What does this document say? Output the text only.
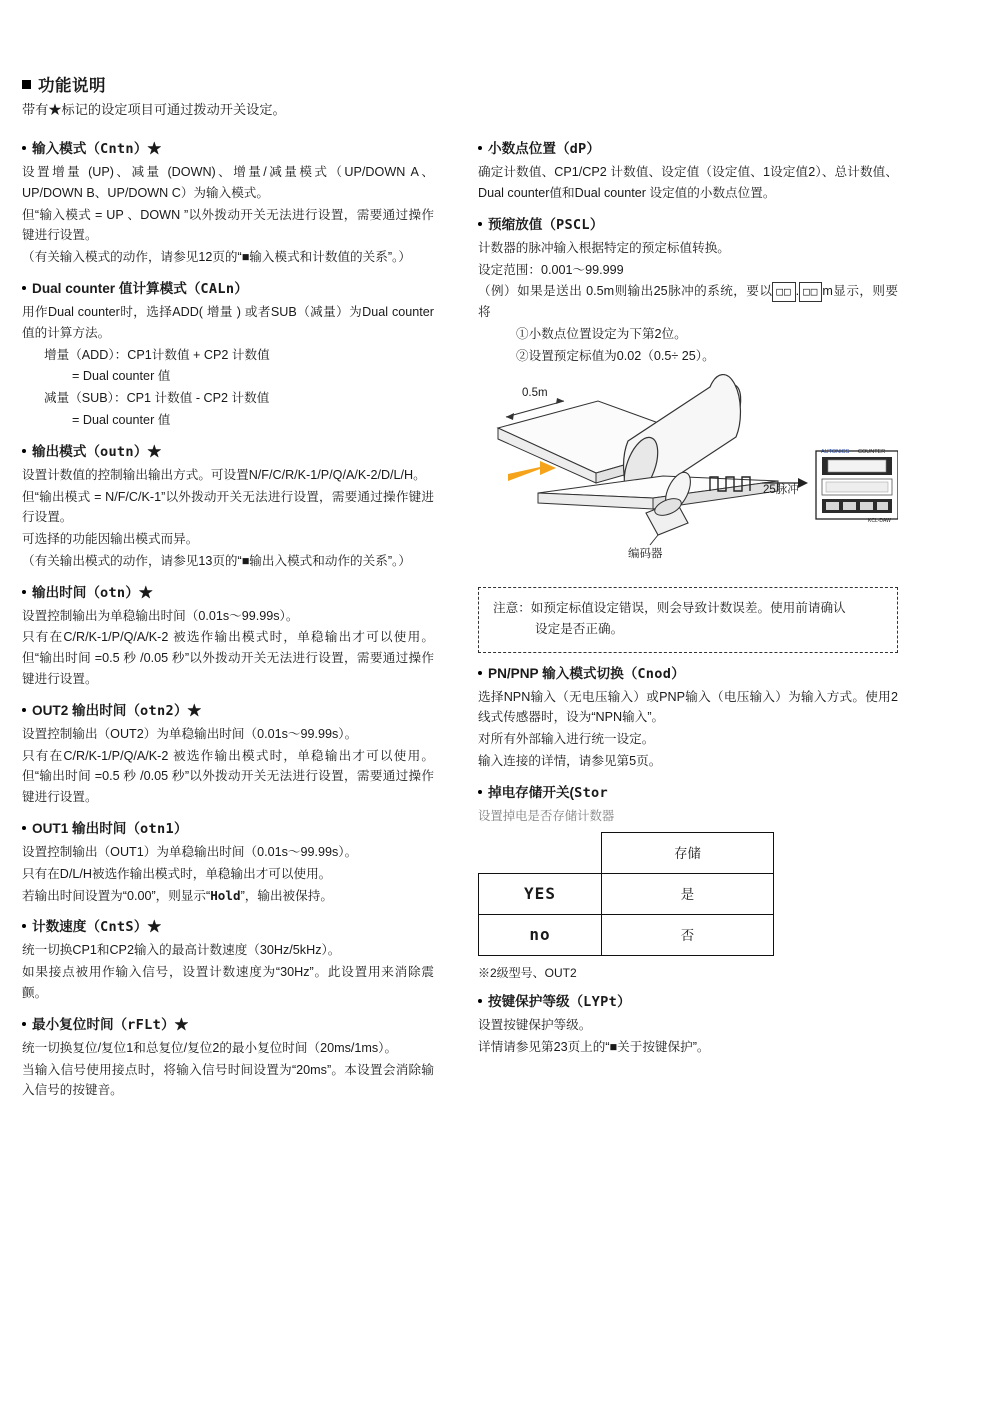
功能说明
带有★标记的设定项目可通过拨动开关设定。
输入模式（Cntn）★

设置增量 (UP)、减量 (DOWN)、增量/减量模式（UP/DOWN A、UP/DOWN B、UP/DOWN C）为输入模式。

但“输入模式 = UP 、DOWN ”以外拨动开关无法进行设置，需要通过操作键进行设置。

（有关输入模式的动作，请参见12页的“■输入模式和计数值的关系”。）

Dual counter 值计算模式（CALn）

用作Dual counter时，选择ADD( 增量 ) 或者SUB（减量）为Dual counter 值的计算方法。

增量（ADD）：CP1计数值 + CP2 计数值

= Dual counter 值

减量（SUB）：CP1 计数值 - CP2 计数值

= Dual counter 值

输出模式（outn）★

设置计数值的控制输出输出方式。可设置N/F/C/R/K-1/P/Q/A/K-2/D/L/H。

但“输出模式 = N/F/C/K-1”以外拨动开关无法进行设置，需要通过操作键进行设置。

可选择的功能因输出模式而异。

（有关输出模式的动作，请参见13页的“■输出入模式和动作的关系”。）

输出时间（otn）★

设置控制输出为单稳输出时间（0.01s～99.99s）。

只有在C/R/K-1/P/Q/A/K-2 被选作输出模式时，单稳输出才可以使用。但“输出时间 =0.5 秒 /0.05 秒”以外拨动开关无法进行设置，需要通过操作键进行设置。

OUT2 输出时间（otn2）★

设置控制输出（OUT2）为单稳输出时间（0.01s～99.99s）。

只有在C/R/K-1/P/Q/A/K-2 被选作输出模式时，单稳输出才可以使用。但“输出时间 =0.5 秒 /0.05 秒”以外拨动开关无法进行设置，需要通过操作键进行设置。

OUT1 输出时间（otn1）

设置控制输出（OUT1）为单稳输出时间（0.01s～99.99s）。

只有在D/L/H被选作输出模式时，单稳输出才可以使用。

若输出时间设置为“0.00”，则显示“Hold”，输出被保持。

计数速度（CntS）★

统一切换CP1和CP2输入的最高计数速度（30Hz/5kHz）。

如果接点被用作输入信号，设置计数速度为“30Hz”。此设置用来消除震颤。

最小复位时间（rFLt）★

统一切换复位/复位1和总复位/复位2的最小复位时间（20ms/1ms）。

当输入信号使用接点时，将输入信号时间设置为“20ms”。本设置会消除输入信号的按键音。

小数点位置（dP）

确定计数值、CP1/CP2 计数值、设定值（设定值、1设定值2）、总计数值、 Dual counter值和Dual counter 设定值的小数点位置。

预缩放值（PSCL）

计数器的脉冲输入根据特定的预定标值转换。

设定范围：0.001～99.999

（例）如果是送出 0.5m则输出25脉冲的系统，要以 □□ . □□ m显示，则要将

①小数点位置设定为下第2位。

②设置预定标值为0.02（0.5÷ 25）。

0.5m
25脉冲
编码器
AUTONICS COUNTER
KCL-DAW
注意：如预定标值设定错误，则会导致计数误差。使用前请确认
设定是否正确。
PN/PNP 输入模式切换（Cnod）

选择NPN输入（无电压输入）或PNP输入（电压输入）为输入方式。使用2线式传感器时，设为“NPN输入”。

对所有外部输入进行统一设定。

输入连接的详情，请参见第5页。

掉电存储开关(Stor
设置掉电是否存储计数器
	存储
YES	是
no	否
※2级型号、OUT2
按键保护等级（LYPt）

设置按键保护等级。

详情请参见第23页上的“■关于按键保护”。
